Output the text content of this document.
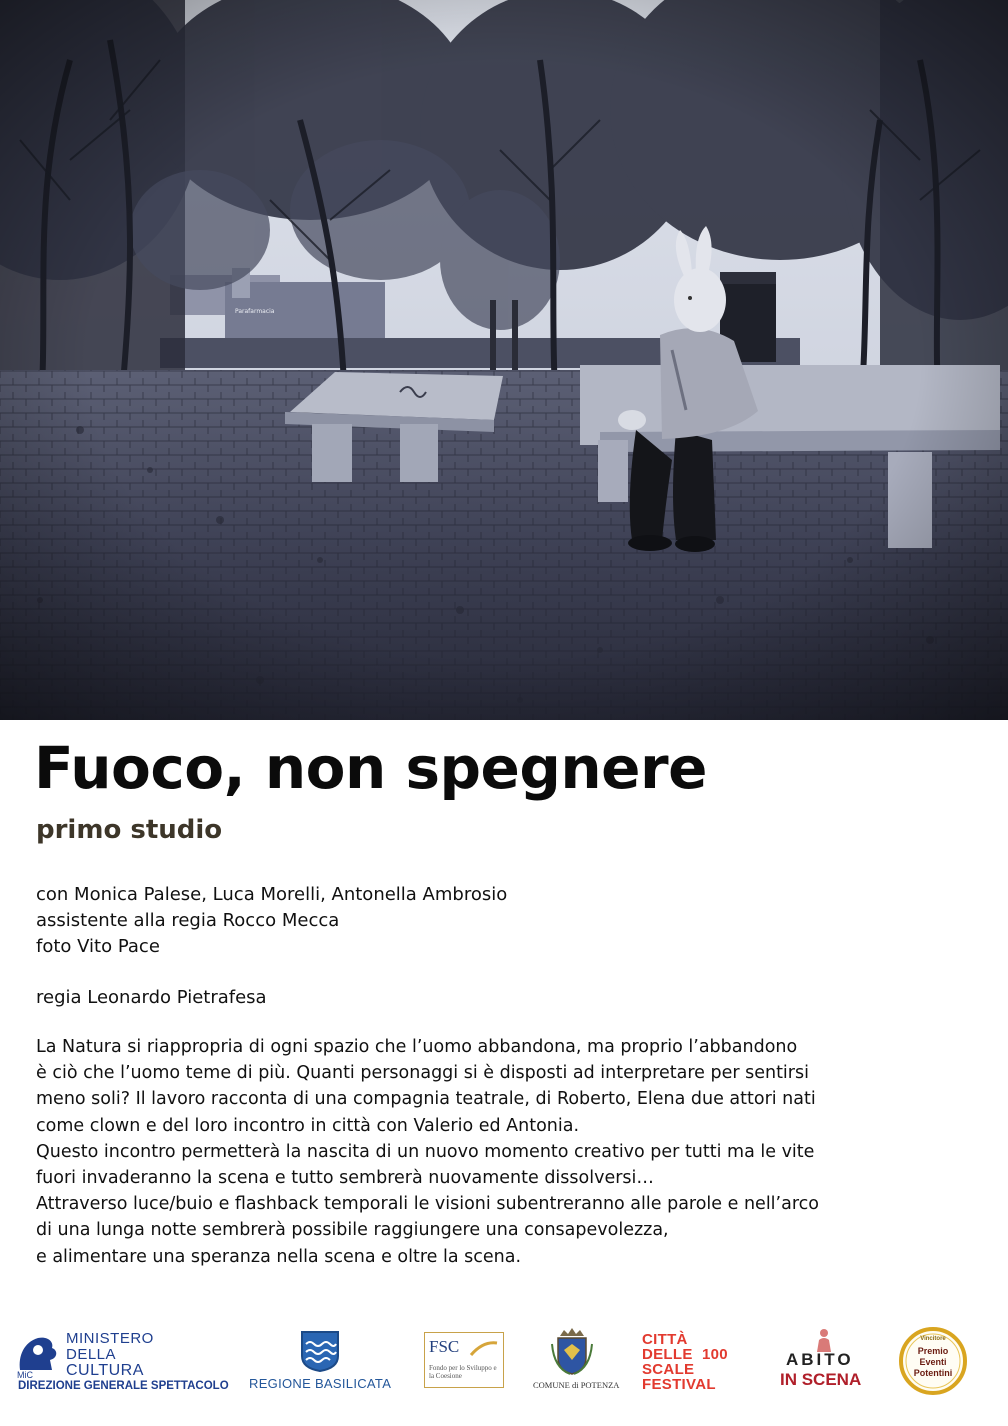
Fuoco, non spegnere
primo studio
con Monica Palese, Luca Morelli, Antonella Ambrosio
assistente alla regia Rocco Mecca
foto Vito Pace
regia Leonardo Pietrafesa
La Natura si riappropria di ogni spazio che l’uomo abbandona, ma proprio l’abbandono
è ciò che l’uomo teme di più. Quanti personaggi si è disposti ad interpretare per sentirsi
meno soli? Il lavoro racconta di una compagnia teatrale, di Roberto, Elena due attori nati
come clown e del loro incontro in città con Valerio ed Antonia.
Questo incontro permetterà la nascita di un nuovo momento creativo per tutti ma le vite
fuori invaderanno la scena e tutto sembrerà nuovamente dissolversi…
Attraverso luce/buio e flashback temporali le visioni subentreranno alle parole e nell’arco
di una lunga notte sembrerà possibile raggiungere una consapevolezza,
e alimentare una speranza nella scena e oltre la scena.
MiC
MINISTERO
DELLA
CULTURA
DIREZIONE GENERALE SPETTACOLO REGIONE BASILICATA
FSC
Fondo per lo Sviluppo e la Coesione
COMUNE di POTENZA
CITTÀ
DELLE 100
SCALE
FESTIVAL
ABITO
IN SCENA
Vincitore
Premio
Eventi
Potentini
